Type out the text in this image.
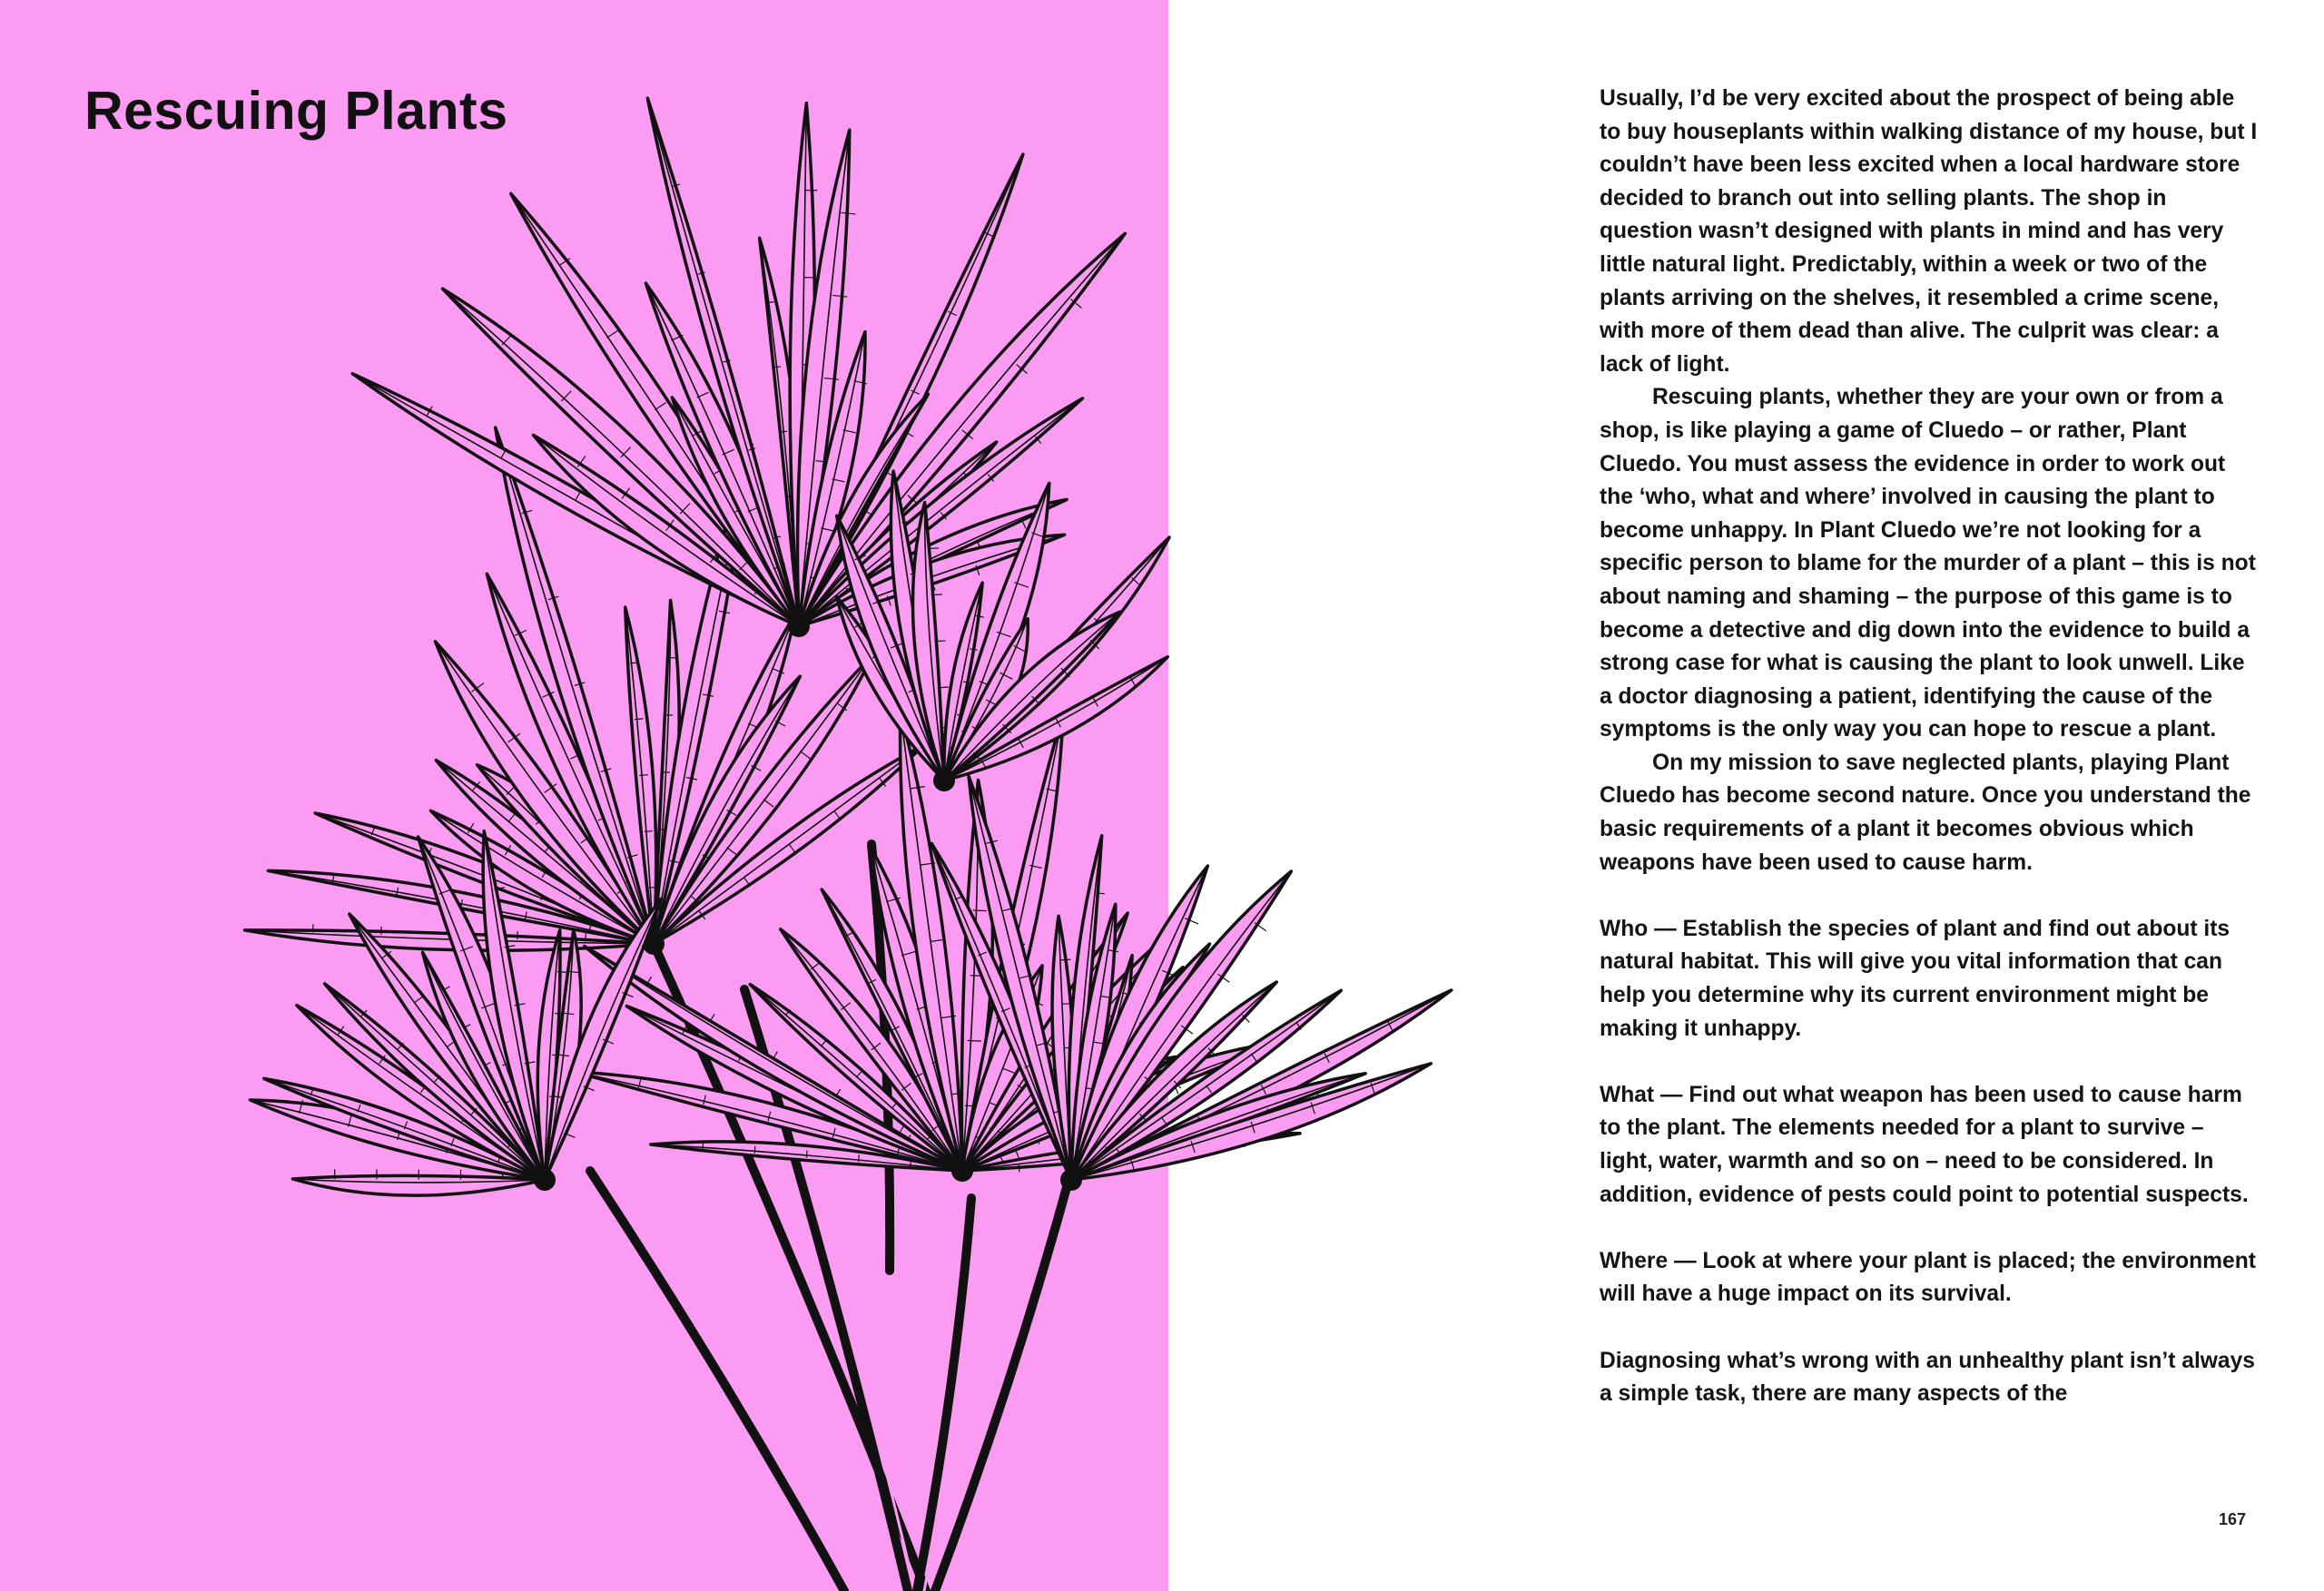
Rescuing Plants	Usually, I’d be very excited about the prospect of being able to buy houseplants within walking distance of my house, but I couldn’t have been less excited when a local hardware store decided to branch out into selling plants. The shop in question wasn’t designed with plants in mind and has very little natural light. Predictably, within a week or two of the plants arriving on the shelves, it resembled a crime scene, with more of them dead than alive. The culprit was clear: a lack of light.

Rescuing plants, whether they are your own or from a shop, is like playing a game of Cluedo – or rather, Plant Cluedo. You must assess the evidence in order to work out the ‘who, what and where’ involved in causing the plant to become unhappy. In Plant Cluedo we’re not looking for a specific person to blame for the murder of a plant – this is not about naming and shaming – the purpose of this game is to become a detective and dig down into the evidence to build a strong case for what is causing the plant to look unwell. Like a doctor diagnosing a patient, identifying the cause of the symptoms is the only way you can hope to rescue a plant.

On my mission to save neglected plants, playing Plant Cluedo has become second nature. Once you understand the basic requirements of a plant it becomes obvious which weapons have been used to cause harm.

Who — Establish the species of plant and find out about its natural habitat. This will give you vital information that can help you determine why its current environment might be making it unhappy.

What — Find out what weapon has been used to cause harm to the plant. The elements needed for a plant to survive – light, water, warmth and so on – need to be considered. In addition, evidence of pests could point to potential suspects.

Where — Look at where your plant is placed; the environment will have a huge impact on its survival.

Diagnosing what’s wrong with an unhealthy plant isn’t always a simple task, there are many aspects of the

167
